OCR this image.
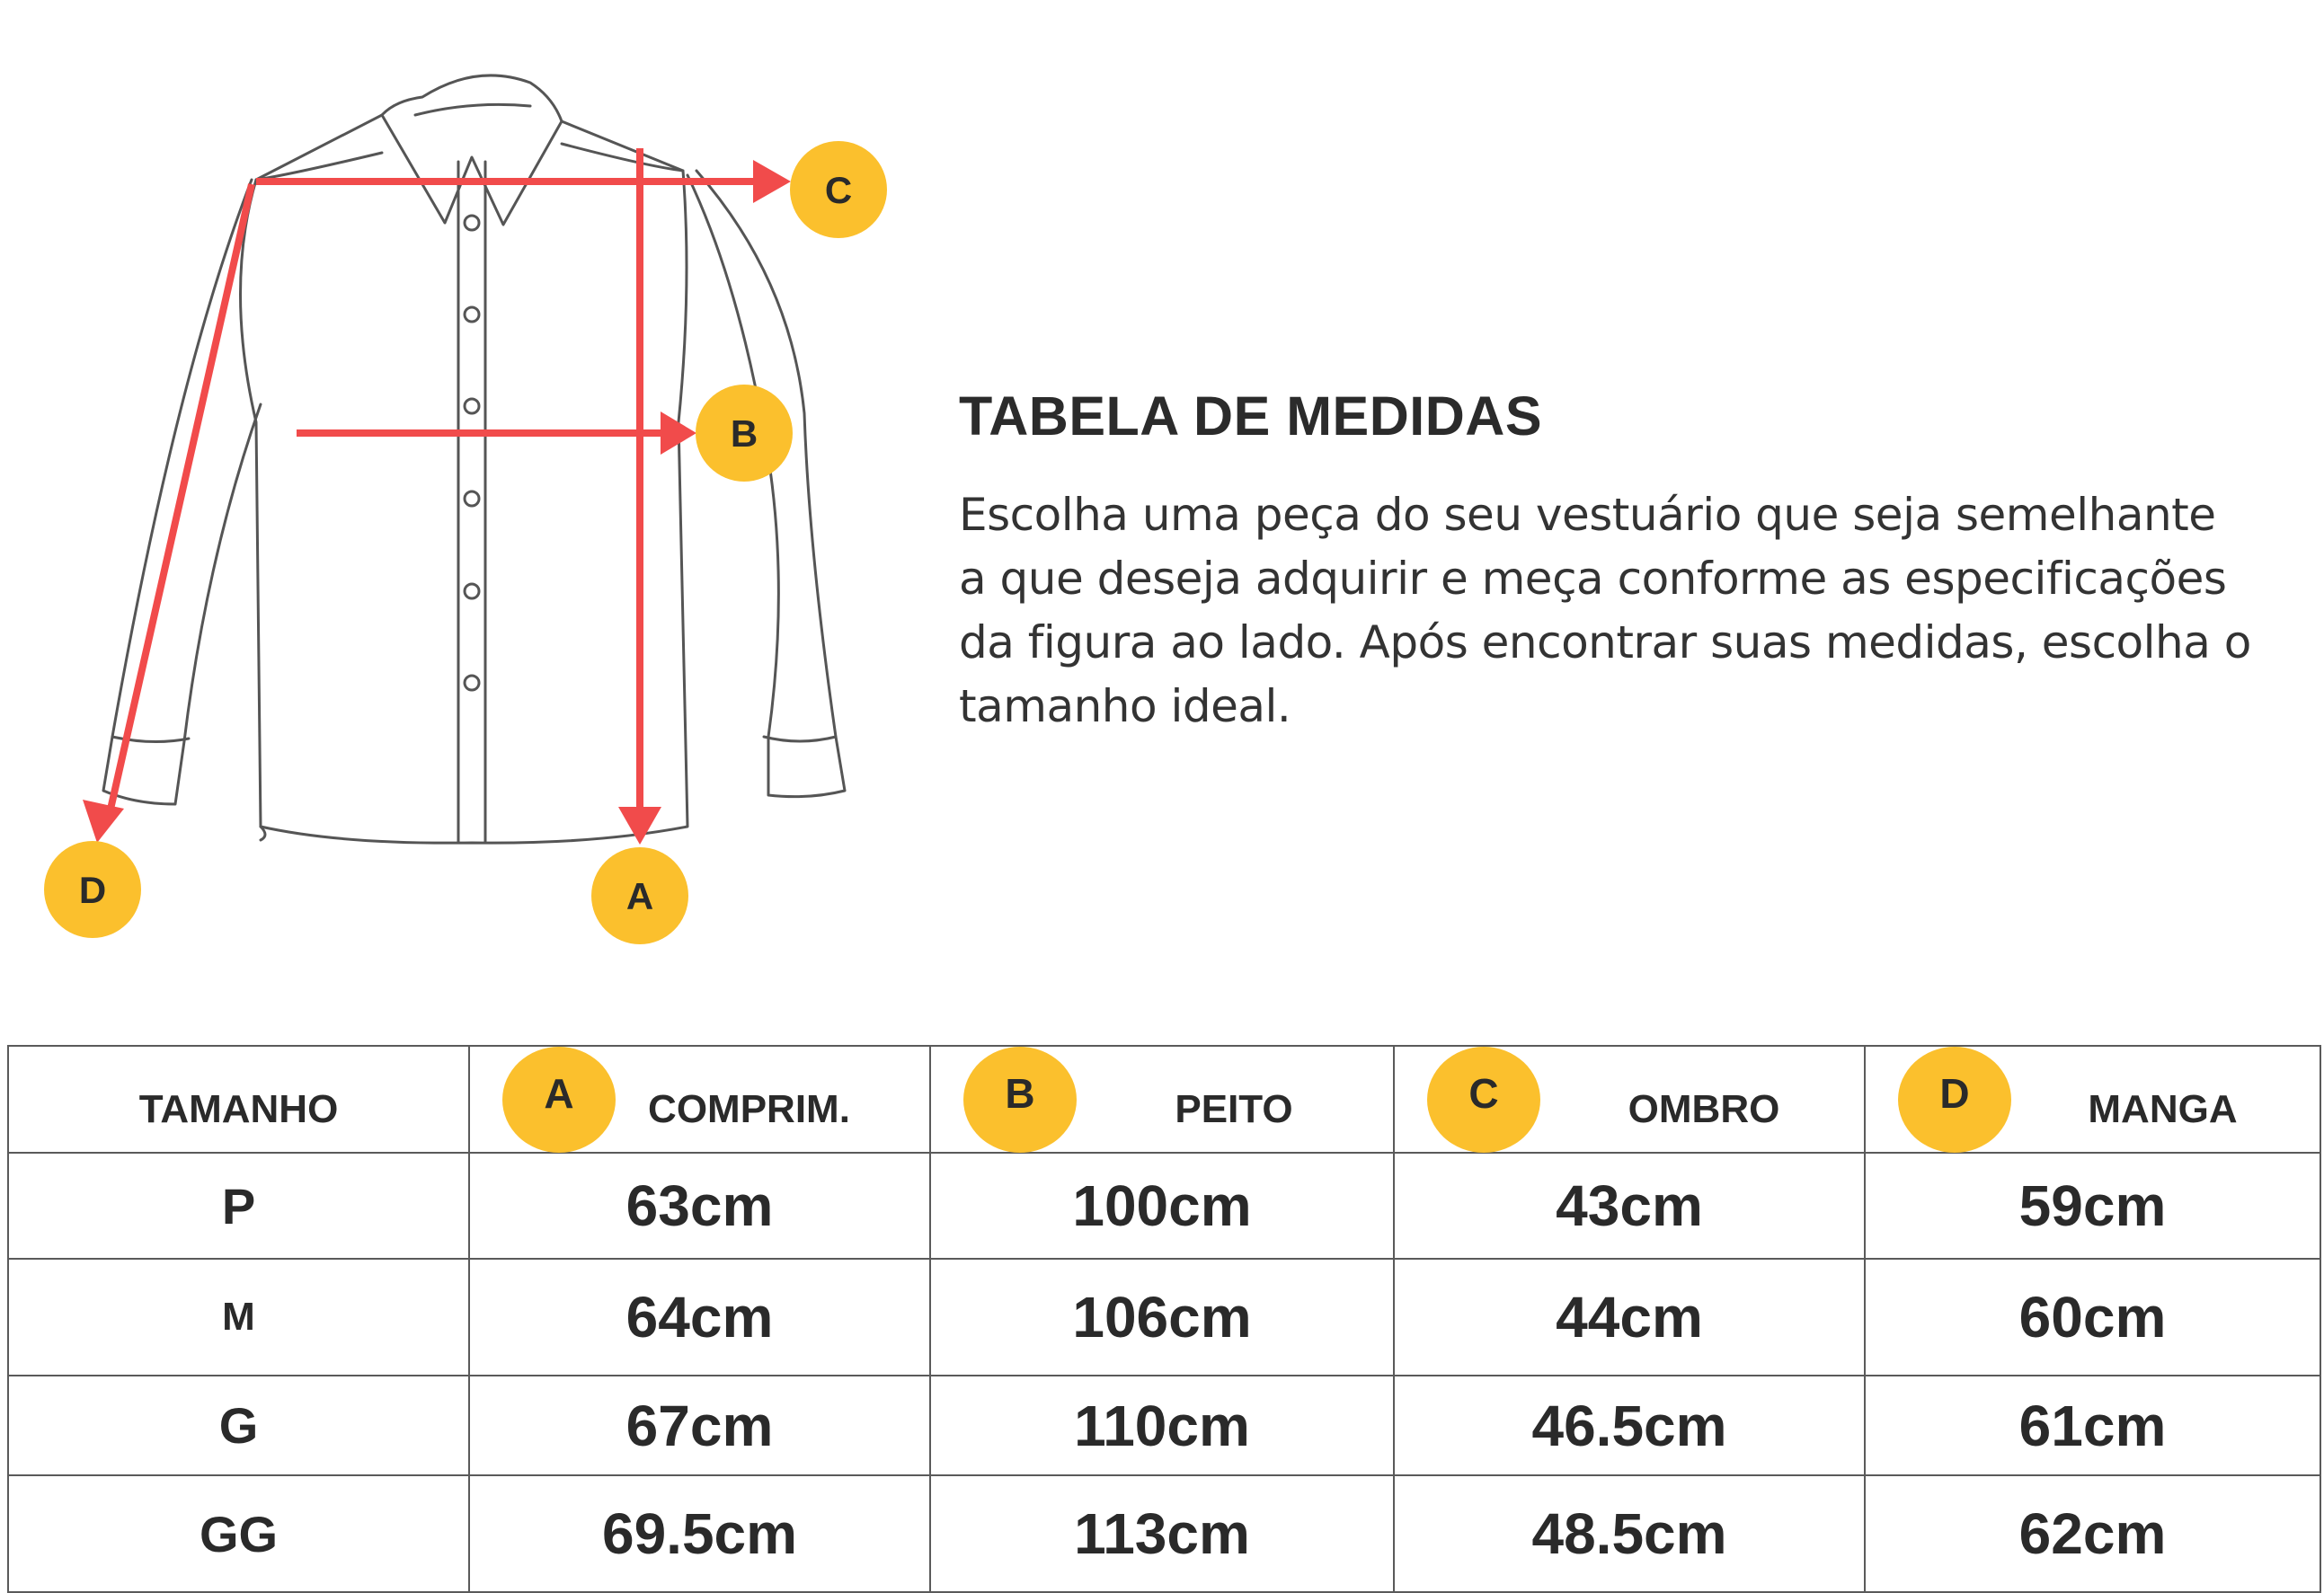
C
B
A
D
TABELA DE MEDIDAS
Escolha uma peça do seu vestuário que seja semelhante a que deseja adquirir e meça conforme as especificações da figura ao lado. Após encontrar suas medidas, escolha o tamanho ideal.
TAMANHO	A COMPRIM.	B PEITO	C OMBRO	D MANGA

P	63cm	100cm	43cm	59cm
M	64cm	106cm	44cm	60cm
G	67cm	110cm	46.5cm	61cm
GG	69.5cm	113cm	48.5cm	62cm
